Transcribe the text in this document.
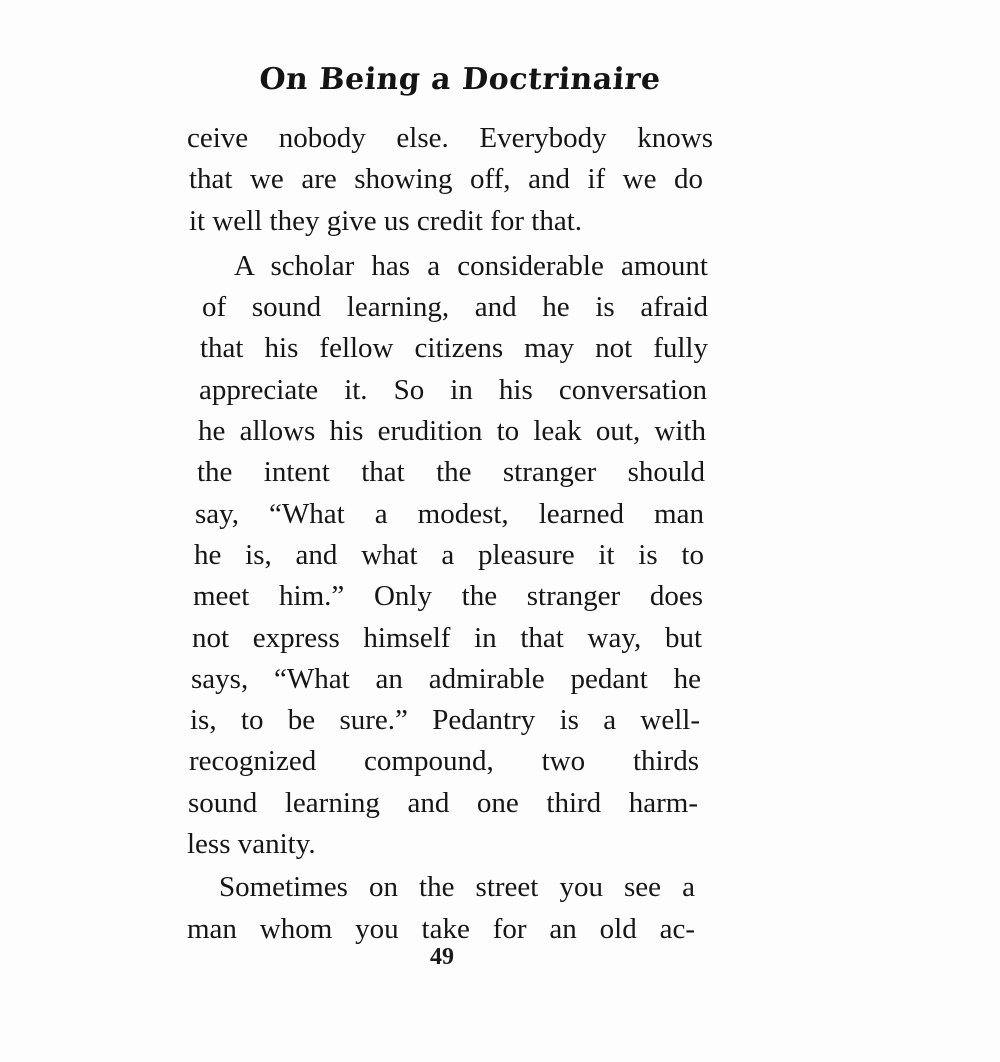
On Being a Doctrinaire
ceive nobody else. Everybody knows
that we are showing off, and if we do
it well they give us credit for that.
A scholar has a considerable amount
of sound learning, and he is afraid
that his fellow citizens may not fully
appreciate it. So in his conversation
he allows his erudition to leak out, with
the intent that the stranger should
say, “What a modest, learned man
he is, and what a pleasure it is to
meet him.” Only the stranger does
not express himself in that way, but
says, “What an admirable pedant he
is, to be sure.” Pedantry is a well-
recognized compound, two thirds
sound learning and one third harm-
less vanity.
Sometimes on the street you see a
man whom you take for an old ac-
49
